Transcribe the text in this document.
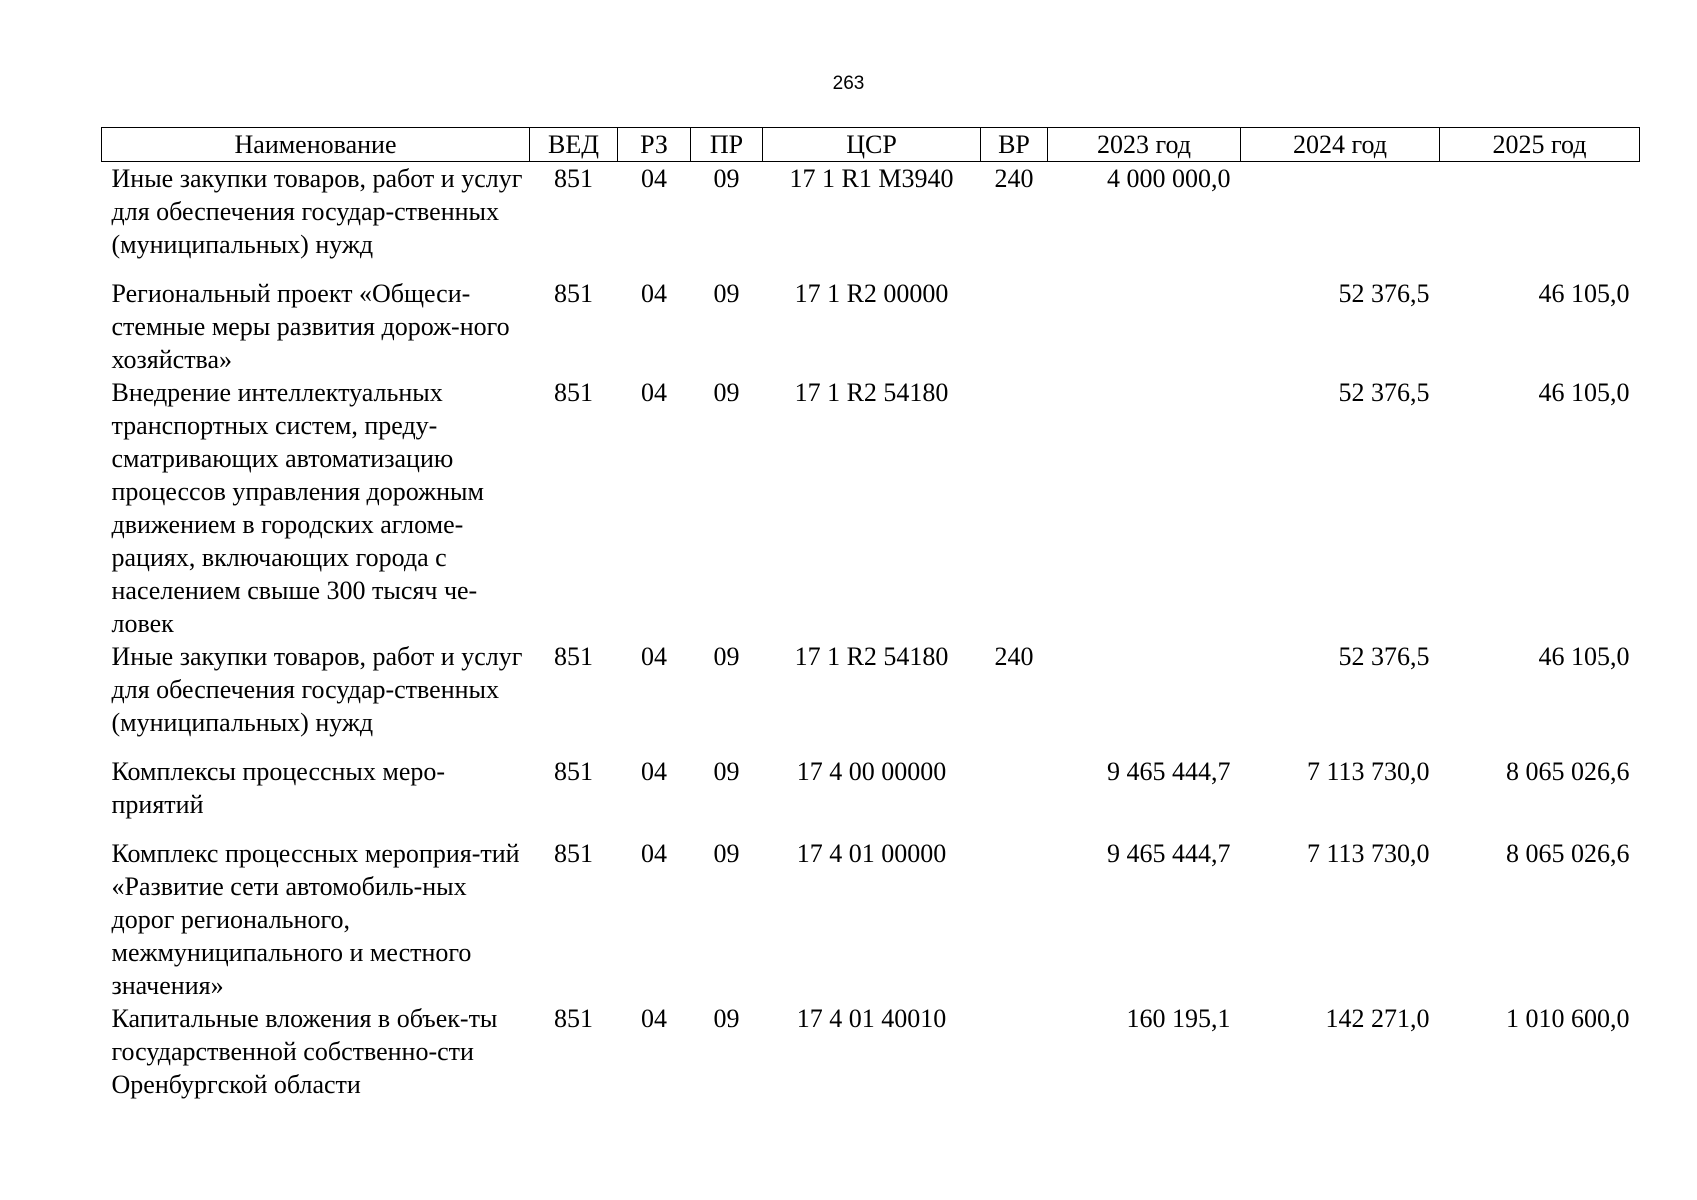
263
Наименование	ВЕД	РЗ	ПР	ЦСР	ВР	2023 год	2024 год	2025 год
Иные закупки товаров, работ и услуг для обеспечения государ-ственных (муниципальных) нужд	851	04	09	17 1 R1 M3940	240	4 000 000,0		
Региональный проект «Общеси-стемные меры развития дорож-ного хозяйства»	851	04	09	17 1 R2 00000			52 376,5	46 105,0
Внедрение интеллектуальных транспортных систем, преду-сматривающих автоматизацию процессов управления дорожным движением в городских агломе-рациях, включающих города с населением свыше 300 тысяч че-ловек	851	04	09	17 1 R2 54180			52 376,5	46 105,0
Иные закупки товаров, работ и услуг для обеспечения государ-ственных (муниципальных) нужд	851	04	09	17 1 R2 54180	240		52 376,5	46 105,0
Комплексы процессных меро-приятий	851	04	09	17 4 00 00000		9 465 444,7	7 113 730,0	8 065 026,6
Комплекс процессных мероприя-тий «Развитие сети автомобиль-ных дорог регионального, межмуниципального и местного значения»	851	04	09	17 4 01 00000		9 465 444,7	7 113 730,0	8 065 026,6
Капитальные вложения в объек-ты государственной собственно-сти Оренбургской области	851	04	09	17 4 01 40010		160 195,1	142 271,0	1 010 600,0
